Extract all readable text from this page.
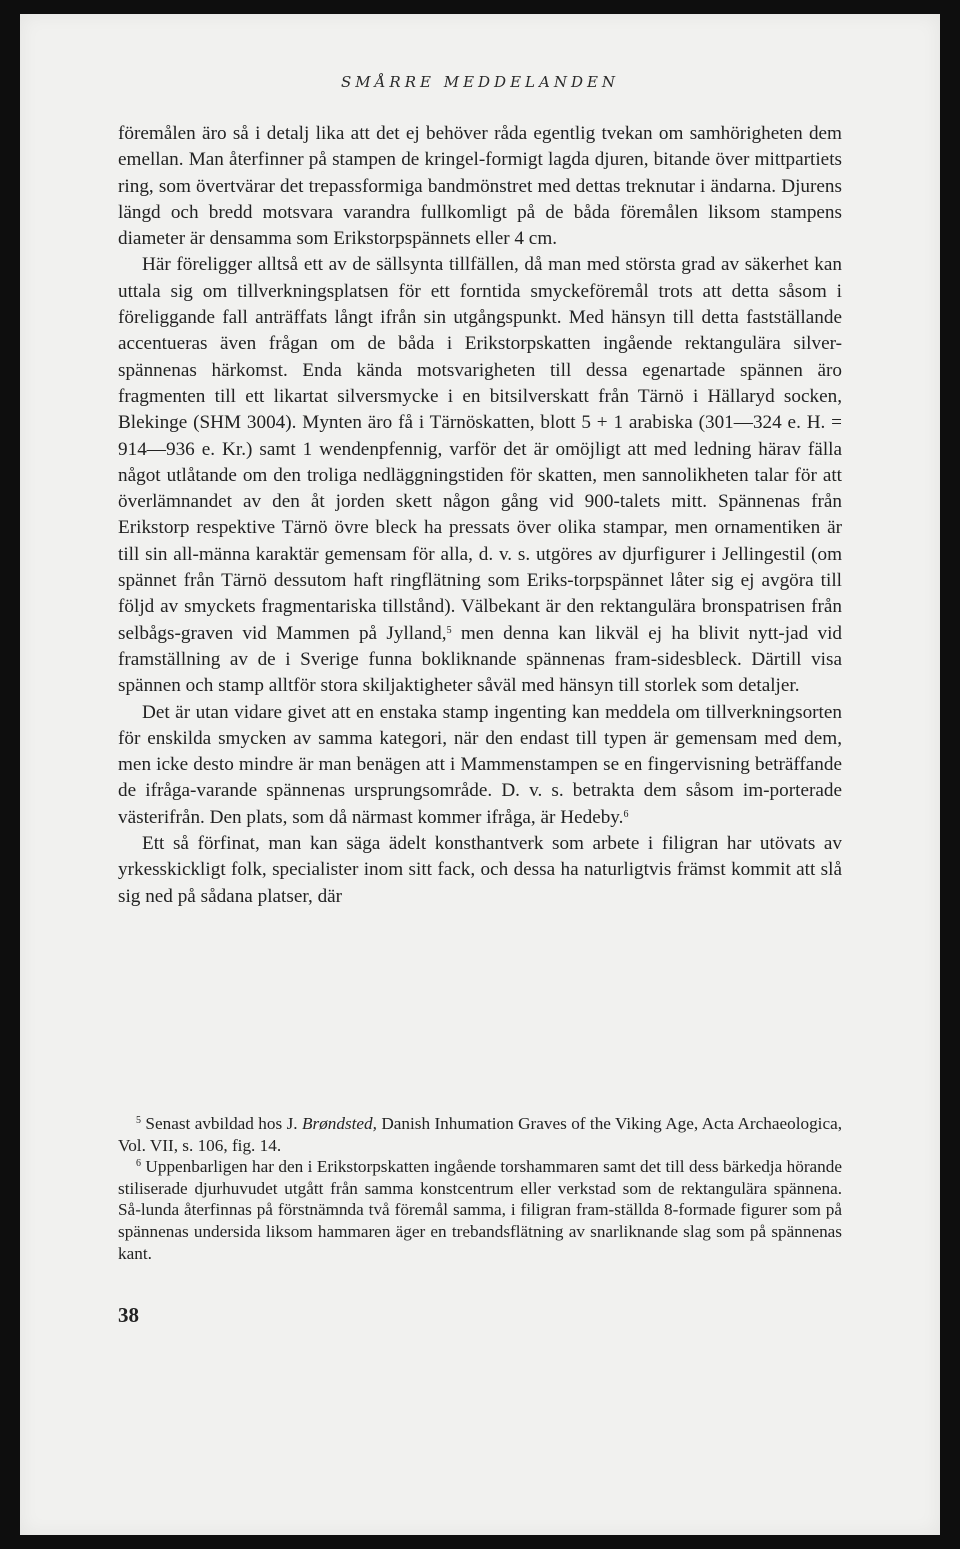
SMÅRRE MEDDELANDEN

föremålen äro så i detalj lika att det ej behöver råda egentlig tvekan om samhörigheten dem emellan. Man återfinner på stampen de kringel-formigt lagda djuren, bitande över mittpartiets ring, som övertvärar det trepassformiga bandmönstret med dettas treknutar i ändarna. Djurens längd och bredd motsvara varandra fullkomligt på de båda föremålen liksom stampens diameter är densamma som Erikstorpspännets eller 4 cm.

Här föreligger alltså ett av de sällsynta tillfällen, då man med största grad av säkerhet kan uttala sig om tillverkningsplatsen för ett forntida smyckeföremål trots att detta såsom i föreliggande fall anträffats långt ifrån sin utgångspunkt. Med hänsyn till detta fastställande accentueras även frågan om de båda i Erikstorpskatten ingående rektangulära silver-spännenas härkomst. Enda kända motsvarigheten till dessa egenartade spännen äro fragmenten till ett likartat silversmycke i en bitsilverskatt från Tärnö i Hällaryd socken, Blekinge (SHM 3004). Mynten äro få i Tärnöskatten, blott 5 + 1 arabiska (301—324 e. H. = 914—936 e. Kr.) samt 1 wendenpfennig, varför det är omöjligt att med ledning härav fälla något utlåtande om den troliga nedläggningstiden för skatten, men sannolikheten talar för att överlämnandet av den åt jorden skett någon gång vid 900-talets mitt. Spännenas från Erikstorp respektive Tärnö övre bleck ha pressats över olika stampar, men ornamentiken är till sin all-männa karaktär gemensam för alla, d. v. s. utgöres av djurfigurer i Jellingestil (om spännet från Tärnö dessutom haft ringflätning som Eriks-torpspännet låter sig ej avgöra till följd av smyckets fragmentariska tillstånd). Välbekant är den rektangulära bronspatrisen från selbågs-graven vid Mammen på Jylland,$^5$ men denna kan likväl ej ha blivit nytt-jad vid framställning av de i Sverige funna bokliknande spännenas fram-sidesbleck. Därtill visa spännen och stamp alltför stora skiljaktigheter såväl med hänsyn till storlek som detaljer.

Det är utan vidare givet att en enstaka stamp ingenting kan meddela om tillverkningsorten för enskilda smycken av samma kategori, när den endast till typen är gemensam med dem, men icke desto mindre är man benägen att i Mammenstampen se en fingervisning beträffande de ifråga-varande spännenas ursprungsområde. D. v. s. betrakta dem såsom im-porterade västerifrån. Den plats, som då närmast kommer ifråga, är Hedeby.$^6$

Ett så förfinat, man kan säga ädelt konsthantverk som arbete i filigran har utövats av yrkesskickligt folk, specialister inom sitt fack, och dessa ha naturligtvis främst kommit att slå sig ned på sådana platser, där

$^5$ Senast avbildad hos J. Brøndsted, Danish Inhumation Graves of the Viking Age, Acta Archaeologica, Vol. VII, s. 106, fig. 14.

$^6$ Uppenbarligen har den i Erikstorpskatten ingående torshammaren samt det till dess bärkedja hörande stiliserade djurhuvudet utgått från samma konstcentrum eller verkstad som de rektangulära spännena. Så-lunda återfinnas på förstnämnda två föremål samma, i filigran fram-ställda 8-formade figurer som på spännenas undersida liksom hammaren äger en trebandsflätning av snarliknande slag som på spännenas kant.

38
